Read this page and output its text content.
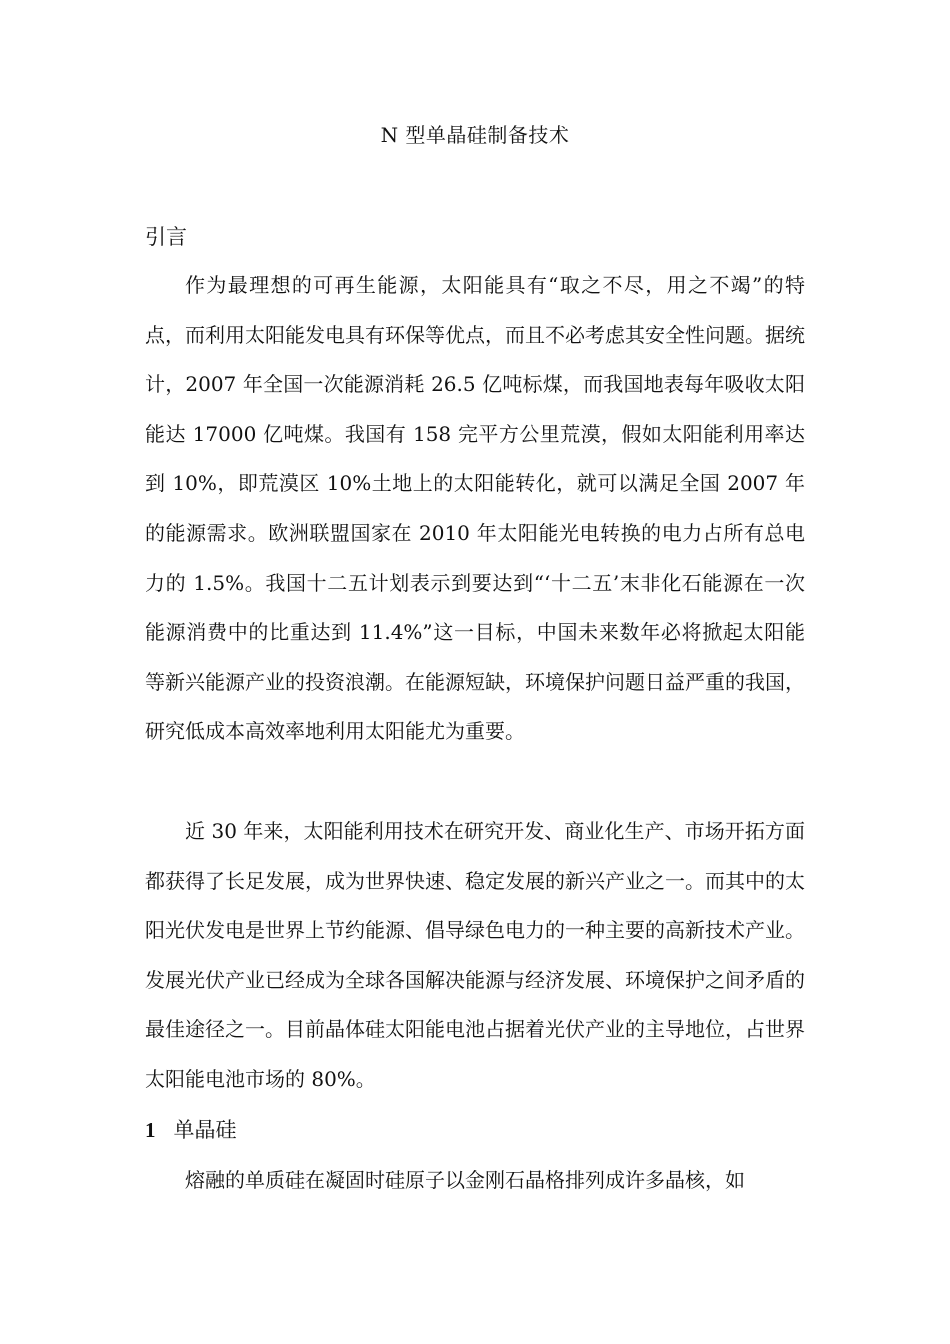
N 型单晶硅制备技术
引言

作为最理想的可再生能源，太阳能具有“取之不尽，用之不竭”的特点，而利用太阳能发电具有环保等优点，而且不必考虑其安全性问题。据统计，2007 年全国一次能源消耗 26.5 亿吨标煤，而我国地表每年吸收太阳能达 17000 亿吨煤。我国有 158 完平方公里荒漠，假如太阳能利用率达到 10%，即荒漠区 10%土地上的太阳能转化，就可以满足全国 2007 年的能源需求。欧洲联盟国家在 2010 年太阳能光电转换的电力占所有总电力的 1.5%。我国十二五计划表示到要达到“‘十二五’末非化石能源在一次能源消费中的比重达到 11.4%”这一目标，中国未来数年必将掀起太阳能等新兴能源产业的投资浪潮。在能源短缺，环境保护问题日益严重的我国，研究低成本高效率地利用太阳能尤为重要。

近 30 年来，太阳能利用技术在研究开发、商业化生产、市场开拓方面都获得了长足发展，成为世界快速、稳定发展的新兴产业之一。而其中的太阳光伏发电是世界上节约能源、倡导绿色电力的一种主要的高新技术产业。发展光伏产业已经成为全球各国解决能源与经济发展、环境保护之间矛盾的最佳途径之一。目前晶体硅太阳能电池占据着光伏产业的主导地位，占世界太阳能电池市场的 80%。

1 单晶硅

熔融的单质硅在凝固时硅原子以金刚石晶格排列成许多晶核，如
